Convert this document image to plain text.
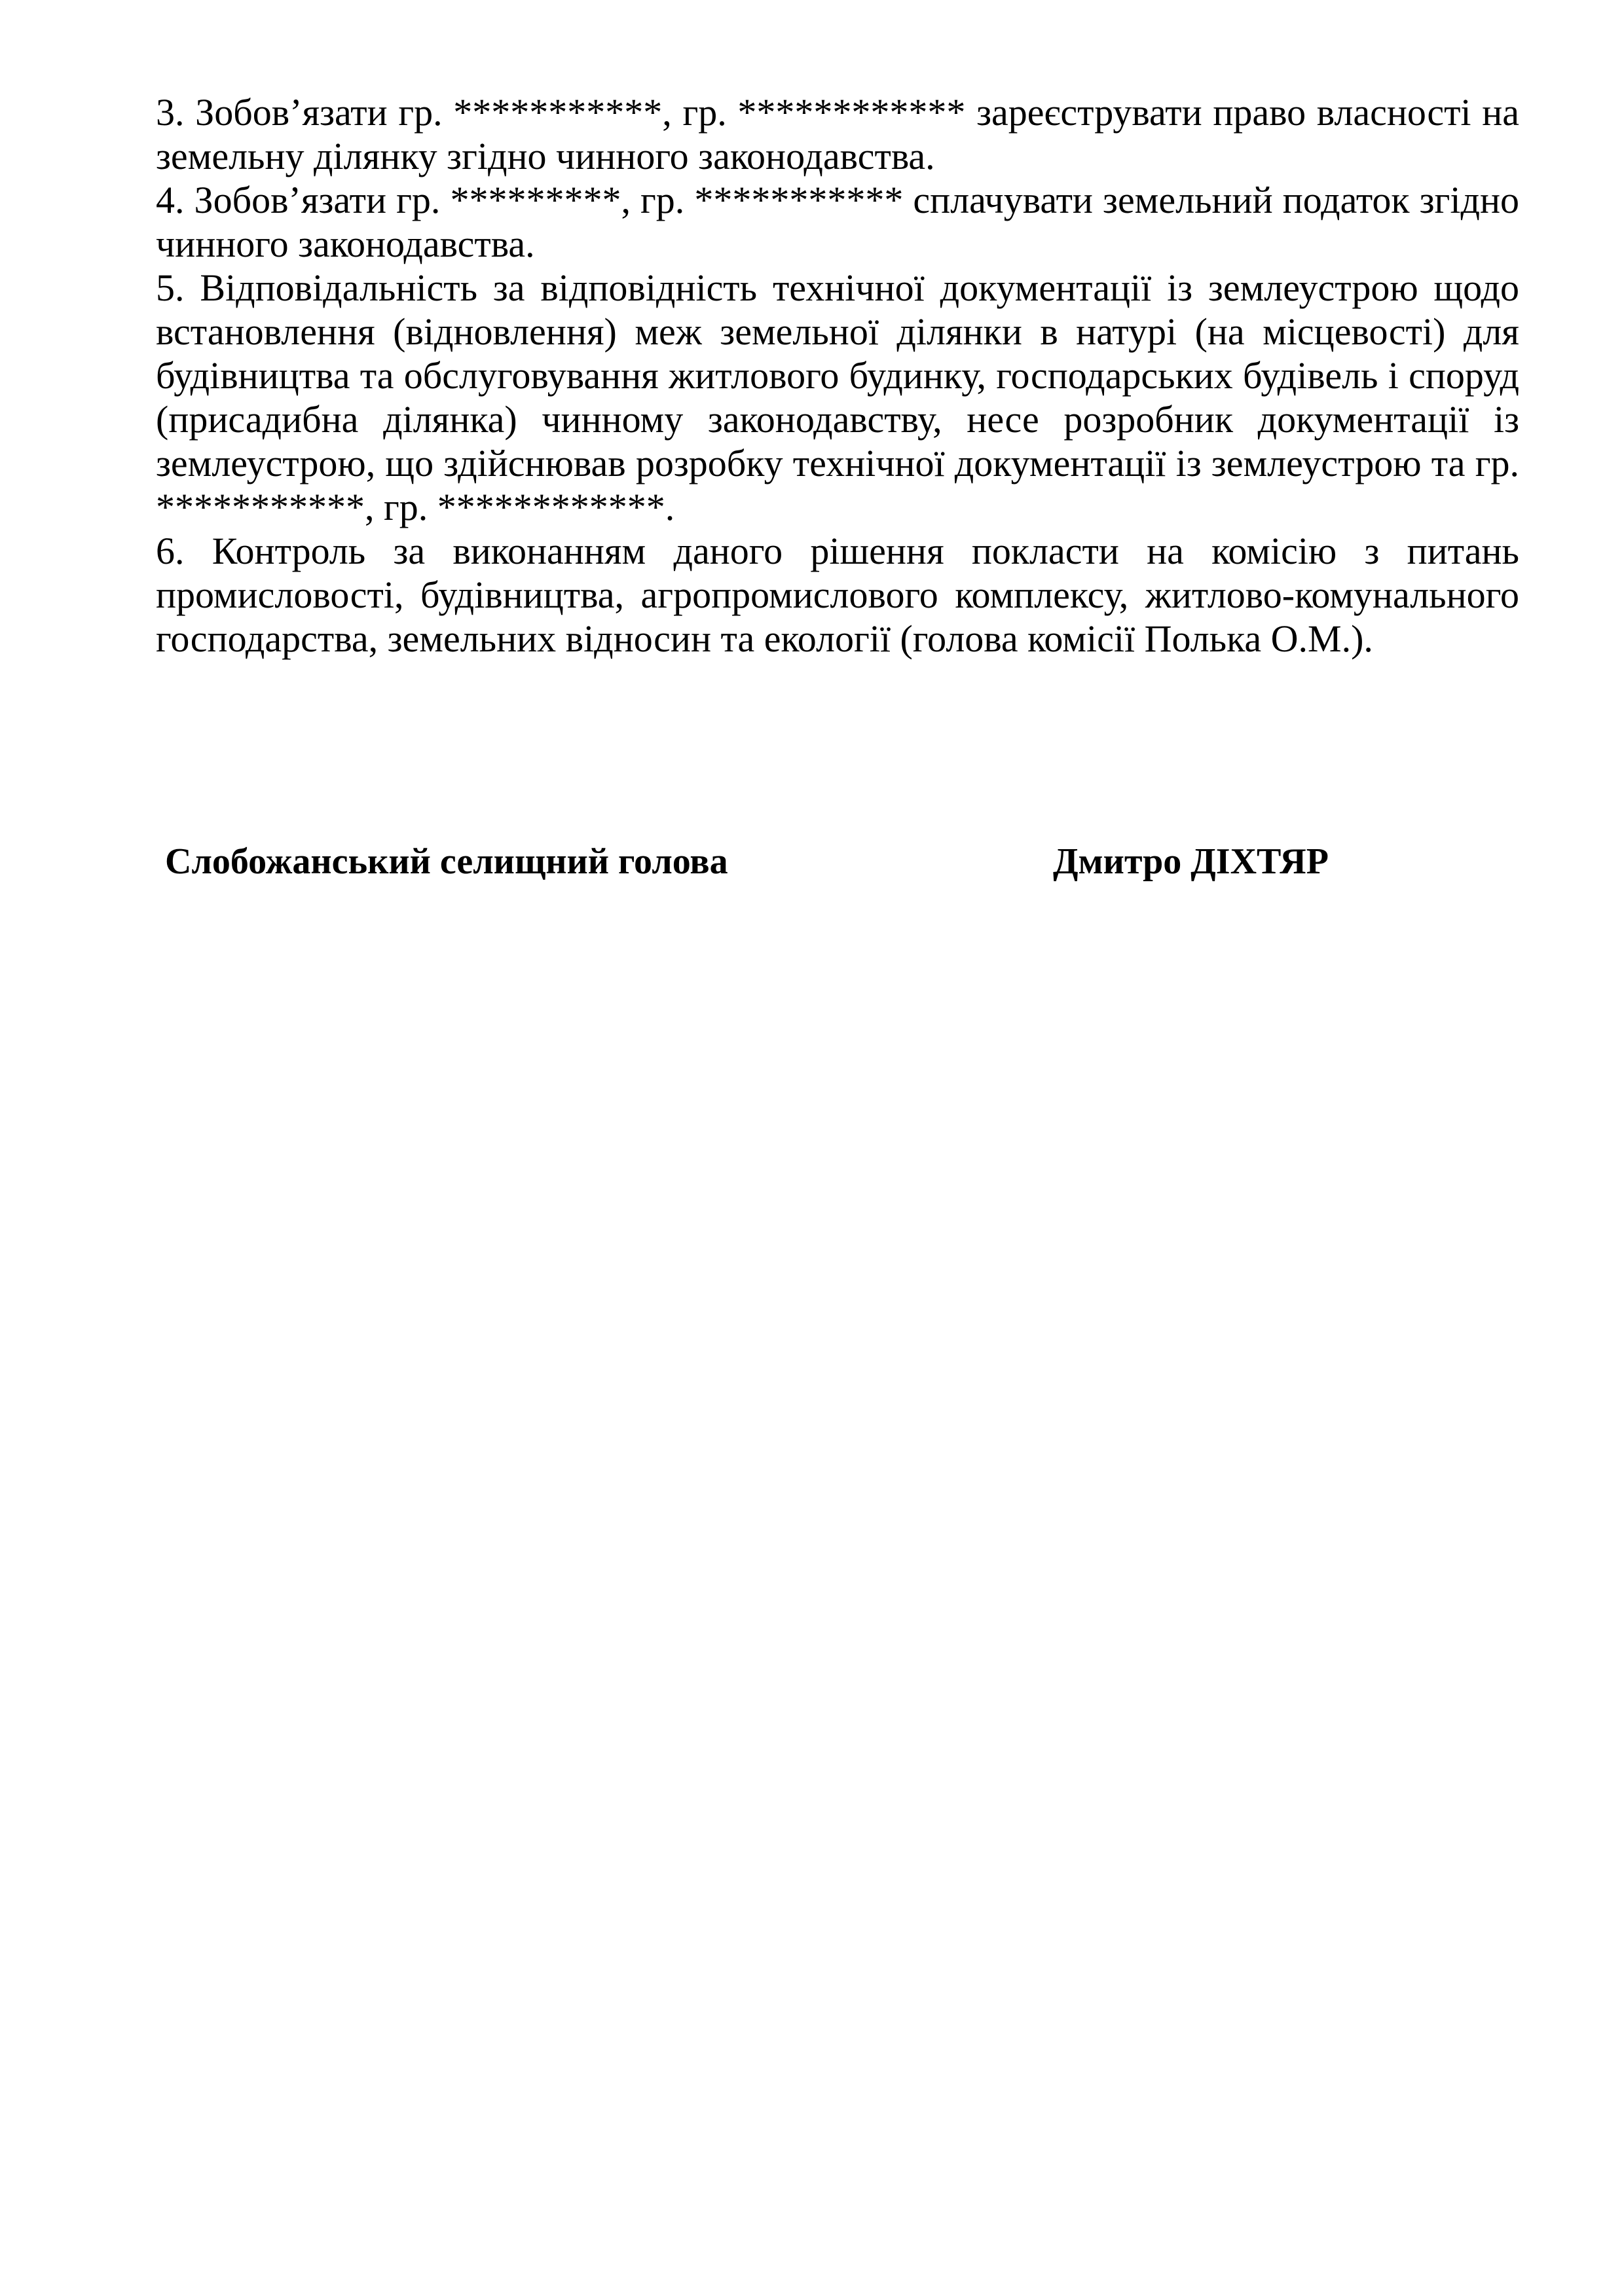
3. Зобов’язати гр. ***********, гр. ************ зареєструвати право власності на земельну ділянку згідно чинного законодавства.

4. Зобов’язати гр. *********, гр. *********** сплачувати земельний податок згідно чинного законодавства.

5. Відповідальність за відповідність технічної документації із землеустрою щодо встановлення (відновлення) меж земельної ділянки в натурі (на місцевості) для будівництва та обслуговування житлового будинку, господарських будівель і споруд (присадибна ділянка) чинному законодавству, несе розробник документації із землеустрою, що здійснював розробку технічної документації із землеустрою та гр. ***********, гр. ************.

6. Контроль за виконанням даного рішення покласти на комісію з питань промисловості, будівництва, агропромислового комплексу, житлово-комунального господарства, земельних відносин та екології (голова комісії Полька О.М.).

Слобожанський селищний голова	Дмитро ДІХТЯР
